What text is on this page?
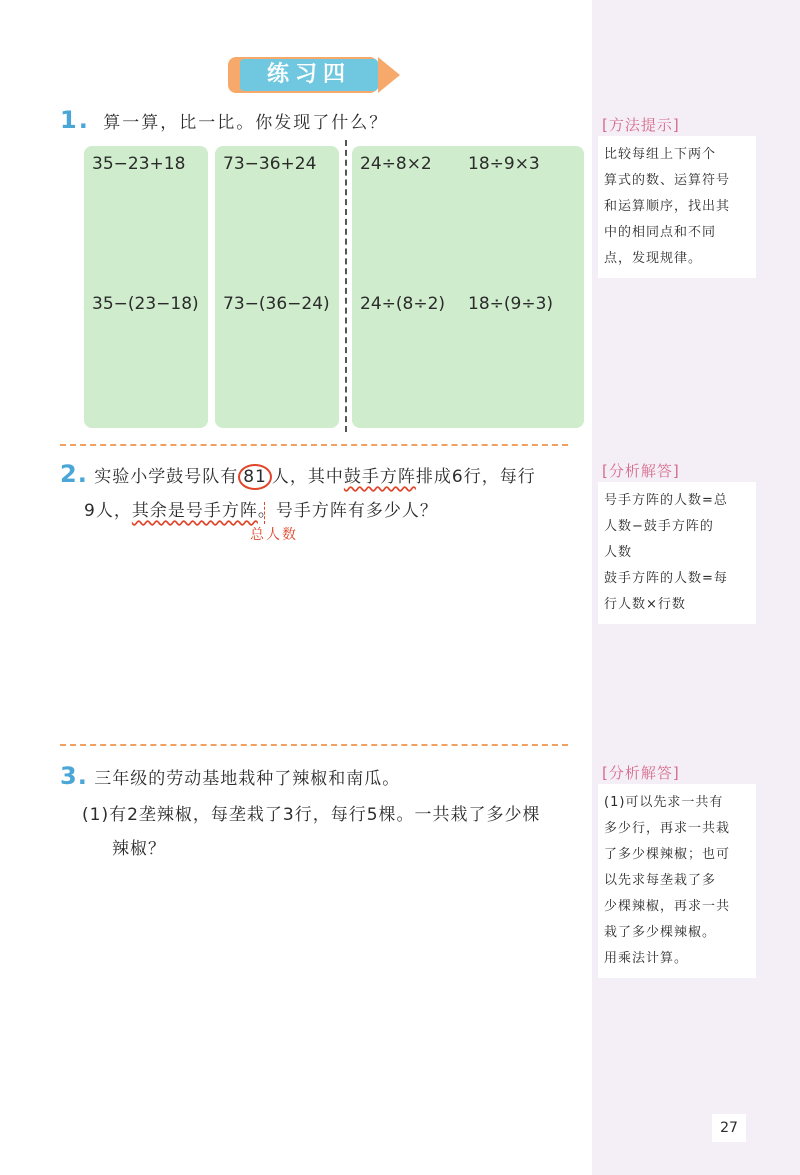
练习四
1. 算一算，比一比。你发现了什么？
35−23+18
35−(23−18)
73−36+24
73−(36−24)
24÷8×2
24÷(8÷2)
18÷9×3
18÷(9÷3)
2. 实验小学鼓号队有 81 人，其中鼓手方阵排成6行，每行
9人，其余是号手方阵。号手方阵有多少人？
总人数
3. 三年级的劳动基地栽种了辣椒和南瓜。
(1)有2垄辣椒，每垄栽了3行，每行5棵。一共栽了多少棵
辣椒？
[方法提示]
比较每组上下两个
算式的数、运算符号
和运算顺序，找出其
中的相同点和不同
点，发现规律。
[分析解答]
号手方阵的人数=总
人数−鼓手方阵的
人数
鼓手方阵的人数=每
行人数×行数
[分析解答]
(1)可以先求一共有
多少行，再求一共栽
了多少棵辣椒；也可
以先求每垄栽了多
少棵辣椒，再求一共
栽了多少棵辣椒。
用乘法计算。
27
